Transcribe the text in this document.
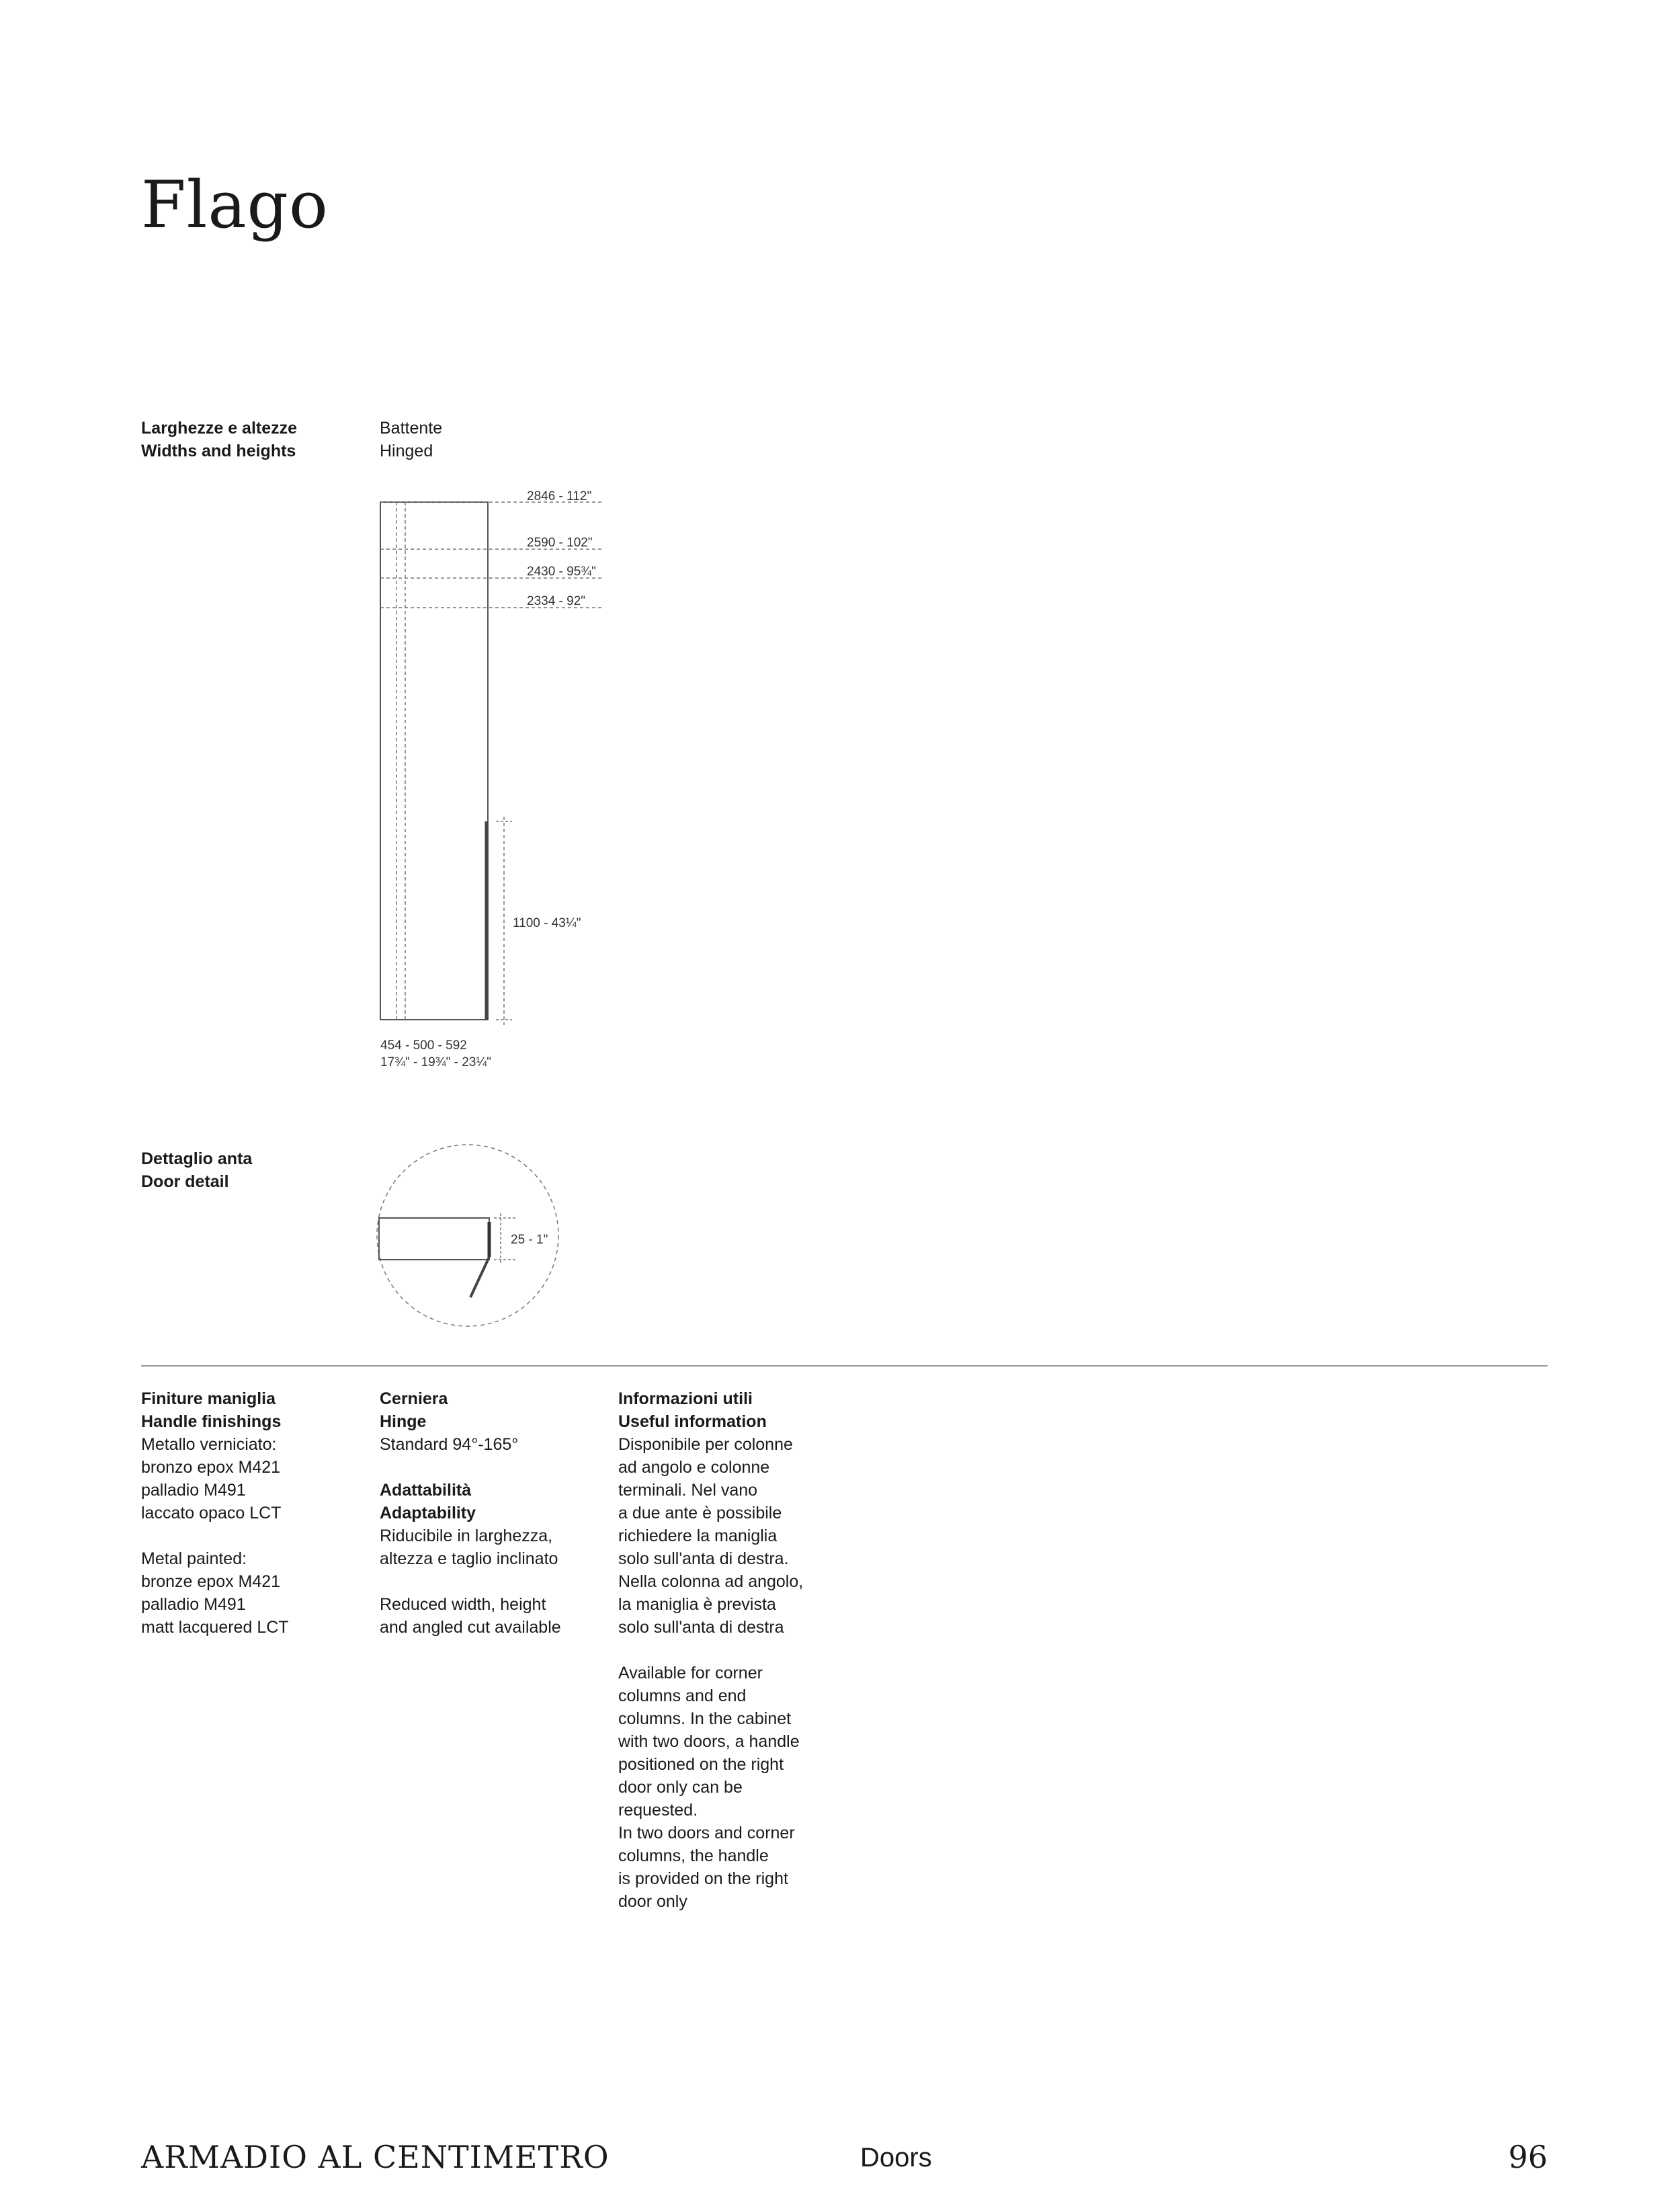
Flago
Larghezze e altezze
Widths and heights
Battente
Hinged
2846 - 112"
2590 - 102"
2430 - 95¾"
2334 - 92"
1100 - 43¼"
454 - 500 - 592
17¾" - 19¾" - 23¼"
Dettaglio anta
Door detail
25 - 1"

Finiture maniglia

Handle finishings

Metallo verniciato:

bronzo epox M421

palladio M491

laccato opaco LCT

Metal painted:

bronze epox M421

palladio M491

matt lacquered LCT

Cerniera

Hinge

Standard 94°-165°

Adattabilità

Adaptability

Riducibile in larghezza,

altezza e taglio inclinato

Reduced width, height

and angled cut available

Informazioni utili

Useful information

Disponibile per colonne

ad angolo e colonne

terminali. Nel vano

a due ante è possibile

richiedere la maniglia

solo sull'anta di destra.

Nella colonna ad angolo,

la maniglia è prevista

solo sull'anta di destra

Available for corner

columns and end

columns. In the cabinet

with two doors, a handle

positioned on the right

door only can be

requested.

In two doors and corner

columns, the handle

is provided on the right

door only

ARMADIO AL CENTIMETRO	Doors	96
